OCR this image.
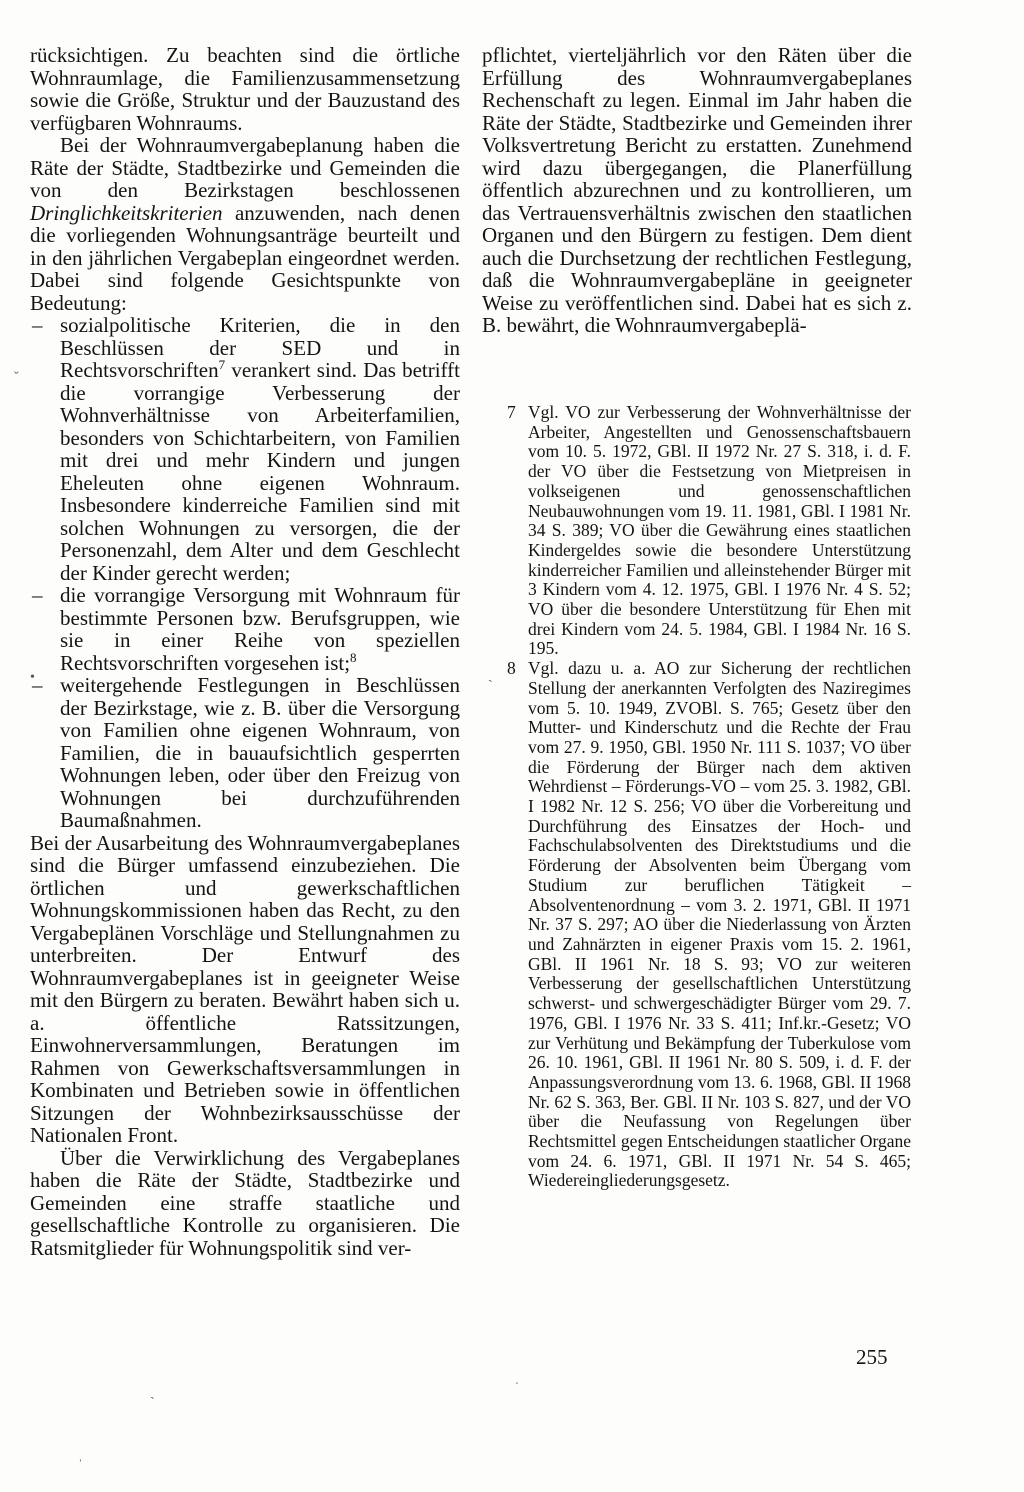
rücksichtigen. Zu beachten sind die örtliche Wohnraumlage, die Familienzusammensetzung sowie die Größe, Struktur und der Bauzustand des verfügbaren Wohnraums.

Bei der Wohnraumvergabeplanung haben die Räte der Städte, Stadtbezirke und Gemeinden die von den Bezirkstagen beschlossenen Dringlichkeitskriterien anzuwenden, nach denen die vorliegenden Wohnungsanträge beurteilt und in den jährlichen Vergabeplan eingeordnet werden. Dabei sind folgende Gesichtspunkte von Bedeutung:

– sozialpolitische Kriterien, die in den Beschlüssen der SED und in Rechtsvorschriften$^7$ verankert sind. Das betrifft die vorrangige Verbesserung der Wohnverhältnisse von Arbeiterfamilien, besonders von Schichtarbeitern, von Familien mit drei und mehr Kindern und jungen Eheleuten ohne eigenen Wohnraum. Insbesondere kinderreiche Familien sind mit solchen Wohnungen zu versorgen, die der Personenzahl, dem Alter und dem Geschlecht der Kinder gerecht werden;
– die vorrangige Versorgung mit Wohnraum für bestimmte Personen bzw. Berufsgruppen, wie sie in einer Reihe von speziellen Rechtsvorschriften vorgesehen ist;$^8$
– weitergehende Festlegungen in Beschlüssen der Bezirkstage, wie z. B. über die Versorgung von Familien ohne eigenen Wohnraum, von Familien, die in bauaufsichtlich gesperrten Wohnungen leben, oder über den Freizug von Wohnungen bei durchzuführenden Baumaßnahmen.

Bei der Ausarbeitung des Wohnraumvergabeplanes sind die Bürger umfassend einzubeziehen. Die örtlichen und gewerkschaftlichen Wohnungskommissionen haben das Recht, zu den Vergabeplänen Vorschläge und Stellungnahmen zu unterbreiten. Der Entwurf des Wohnraumvergabeplanes ist in geeigneter Weise mit den Bürgern zu beraten. Bewährt haben sich u. a. öffentliche Ratssitzungen, Einwohnerversammlungen, Beratungen im Rahmen von Gewerkschaftsversammlungen in Kombinaten und Betrieben sowie in öffentlichen Sitzungen der Wohnbezirksausschüsse der Nationalen Front.

Über die Verwirklichung des Vergabeplanes haben die Räte der Städte, Stadtbezirke und Gemeinden eine straffe staatliche und gesellschaftliche Kontrolle zu organisieren. Die Ratsmitglieder für Wohnungspolitik sind ver-

pflichtet, vierteljährlich vor den Räten über die Erfüllung des Wohnraumvergabeplanes Rechenschaft zu legen. Einmal im Jahr haben die Räte der Städte, Stadtbezirke und Gemeinden ihrer Volksvertretung Bericht zu erstatten. Zunehmend wird dazu übergegangen, die Planerfüllung öffentlich abzurechnen und zu kontrollieren, um das Vertrauensverhältnis zwischen den staatlichen Organen und den Bürgern zu festigen. Dem dient auch die Durchsetzung der rechtlichen Festlegung, daß die Wohnraumvergabepläne in geeigneter Weise zu veröffentlichen sind. Dabei hat es sich z. B. bewährt, die Wohnraumvergabeplä-

7 Vgl. VO zur Verbesserung der Wohnverhältnisse der Arbeiter, Angestellten und Genossenschaftsbauern vom 10. 5. 1972, GBl. II 1972 Nr. 27 S. 318, i. d. F. der VO über die Festsetzung von Mietpreisen in volkseigenen und genossenschaftlichen Neubauwohnungen vom 19. 11. 1981, GBl. I 1981 Nr. 34 S. 389; VO über die Gewährung eines staatlichen Kindergeldes sowie die besondere Unterstützung kinderreicher Familien und alleinstehender Bürger mit 3 Kindern vom 4. 12. 1975, GBl. I 1976 Nr. 4 S. 52; VO über die besondere Unterstützung für Ehen mit drei Kindern vom 24. 5. 1984, GBl. I 1984 Nr. 16 S. 195.

8 Vgl. dazu u. a. AO zur Sicherung der rechtlichen Stellung der anerkannten Verfolgten des Naziregimes vom 5. 10. 1949, ZVOBl. S. 765; Gesetz über den Mutter- und Kinderschutz und die Rechte der Frau vom 27. 9. 1950, GBl. 1950 Nr. 111 S. 1037; VO über die Förderung der Bürger nach dem aktiven Wehrdienst – Förderungs-VO – vom 25. 3. 1982, GBl. I 1982 Nr. 12 S. 256; VO über die Vorbereitung und Durchführung des Einsatzes der Hoch- und Fachschulabsolventen des Direktstudiums und die Förderung der Absolventen beim Übergang vom Studium zur beruflichen Tätigkeit – Absolventenordnung – vom 3. 2. 1971, GBl. II 1971 Nr. 37 S. 297; AO über die Niederlassung von Ärzten und Zahnärzten in eigener Praxis vom 15. 2. 1961, GBl. II 1961 Nr. 18 S. 93; VO zur weiteren Verbesserung der gesellschaftlichen Unterstützung schwerst- und schwergeschädigter Bürger vom 29. 7. 1976, GBl. I 1976 Nr. 33 S. 411; Inf.kr.-Gesetz; VO zur Verhütung und Bekämpfung der Tuberkulose vom 26. 10. 1961, GBl. II 1961 Nr. 80 S. 509, i. d. F. der Anpassungsverordnung vom 13. 6. 1968, GBl. II 1968 Nr. 62 S. 363, Ber. GBl. II Nr. 103 S. 827, und der VO über die Neufassung von Regelungen über Rechtsmittel gegen Entscheidungen staatlicher Organe vom 24. 6. 1971, GBl. II 1971 Nr. 54 S. 465; Wiedereingliederungsgesetz.

255
ˇ
•	ˏ
ˏ	ˑ
ˈ
